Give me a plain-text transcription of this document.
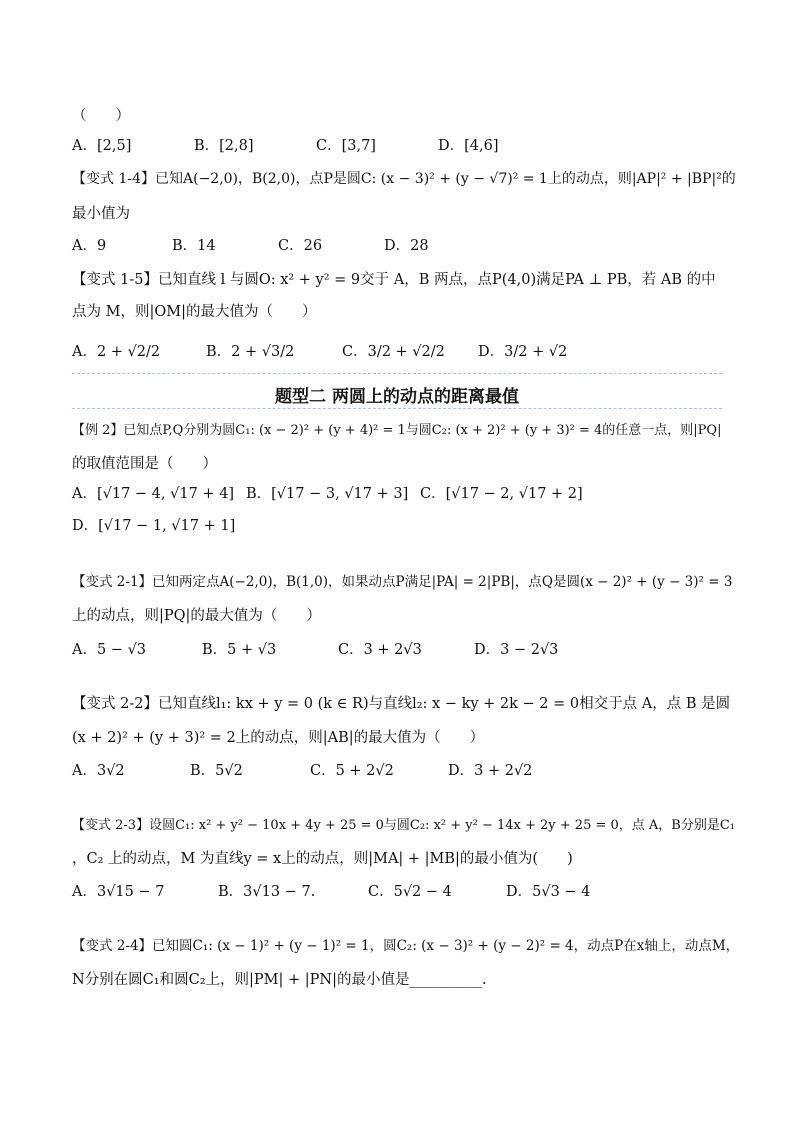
（　　）
A．[2,5]	B．[2,8]	C．[3,7]	D．[4,6]
【变式 1-4】已知A(−2,0)，B(2,0)，点P是圆C: (x − 3)² + (y − √7)² = 1上的动点，则|AP|² + |BP|²的
最小值为
A．9	B．14	C．26	D．28
【变式 1-5】已知直线 l 与圆O: x² + y² = 9交于 A，B 两点，点P(4,0)满足PA ⊥ PB，若 AB 的中
点为 M，则|OM|的最大值为（　　）
A．2 + √2/2	B．2 + √3/2	C．3/2 + √2/2 D．3/2 + √2
题型二 两圆上的动点的距离最值
【例 2】已知点P,Q分别为圆C₁: (x − 2)² + (y + 4)² = 1与圆C₂: (x + 2)² + (y + 3)² = 4的任意一点，则|PQ|
的取值范围是（　　）
A．[√17 − 4, √17 + 4] B．[√17 − 3, √17 + 3] C．[√17 − 2, √17 + 2]
D．[√17 − 1, √17 + 1]
【变式 2-1】已知两定点A(−2,0)，B(1,0)，如果动点P满足|PA| = 2|PB|，点Q是圆(x − 2)² + (y − 3)² = 3
上的动点，则|PQ|的最大值为（　　）
A．5 − √3	B．5 + √3	C．3 + 2√3	D．3 − 2√3
【变式 2-2】已知直线l₁: kx + y = 0 (k ∈ R)与直线l₂: x − ky + 2k − 2 = 0相交于点 A，点 B 是圆
(x + 2)² + (y + 3)² = 2上的动点，则|AB|的最大值为（　　）
A．3√2	B．5√2	C．5 + 2√2	D．3 + 2√2
【变式 2-3】设圆C₁: x² + y² − 10x + 4y + 25 = 0与圆C₂: x² + y² − 14x + 2y + 25 = 0，点 A，B分别是C₁
，C₂ 上的动点，M 为直线y = x上的动点，则|MA| + |MB|的最小值为(　　)
A．3√15 − 7	B．3√13 − 7.	C．5√2 − 4	D．5√3 − 4
【变式 2-4】已知圆C₁: (x − 1)² + (y − 1)² = 1，圆C₂: (x − 3)² + (y − 2)² = 4，动点P在x轴上，动点M，
N分别在圆C₁和圆C₂上，则|PM| + |PN|的最小值是__________.
